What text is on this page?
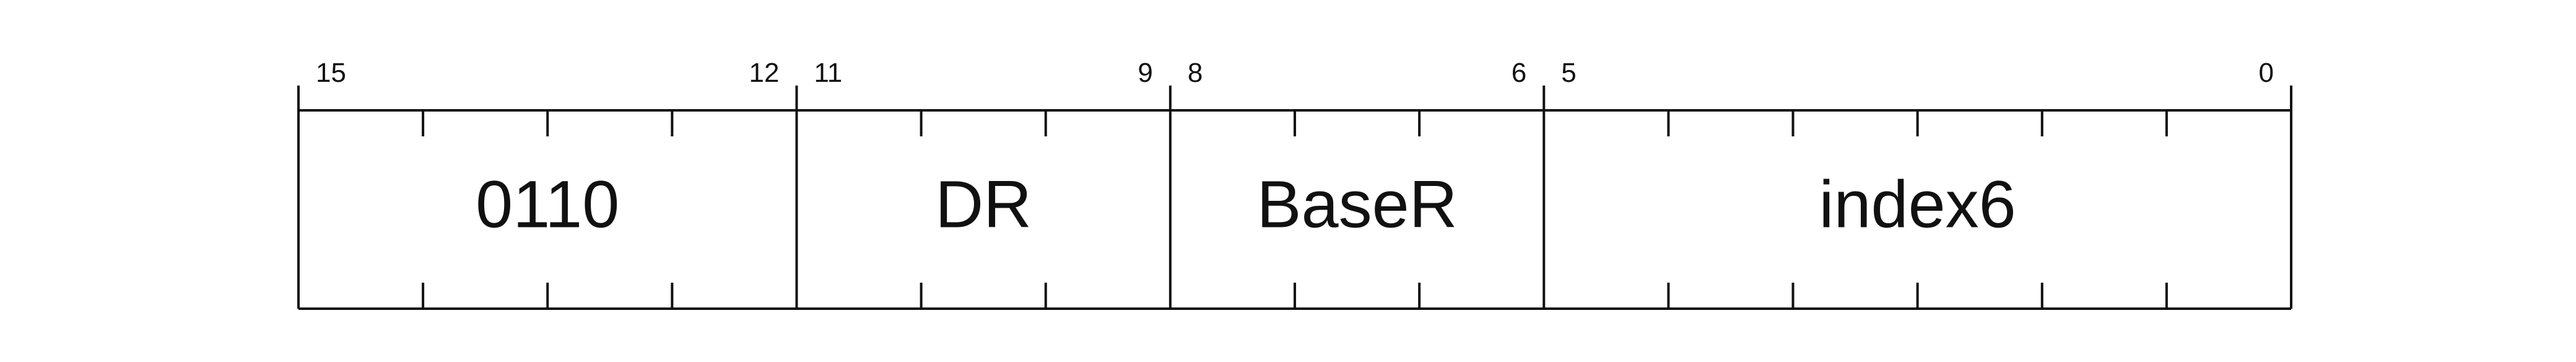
0110	DR	BaseR	index6
15	12 11	9 8	6 5	0
